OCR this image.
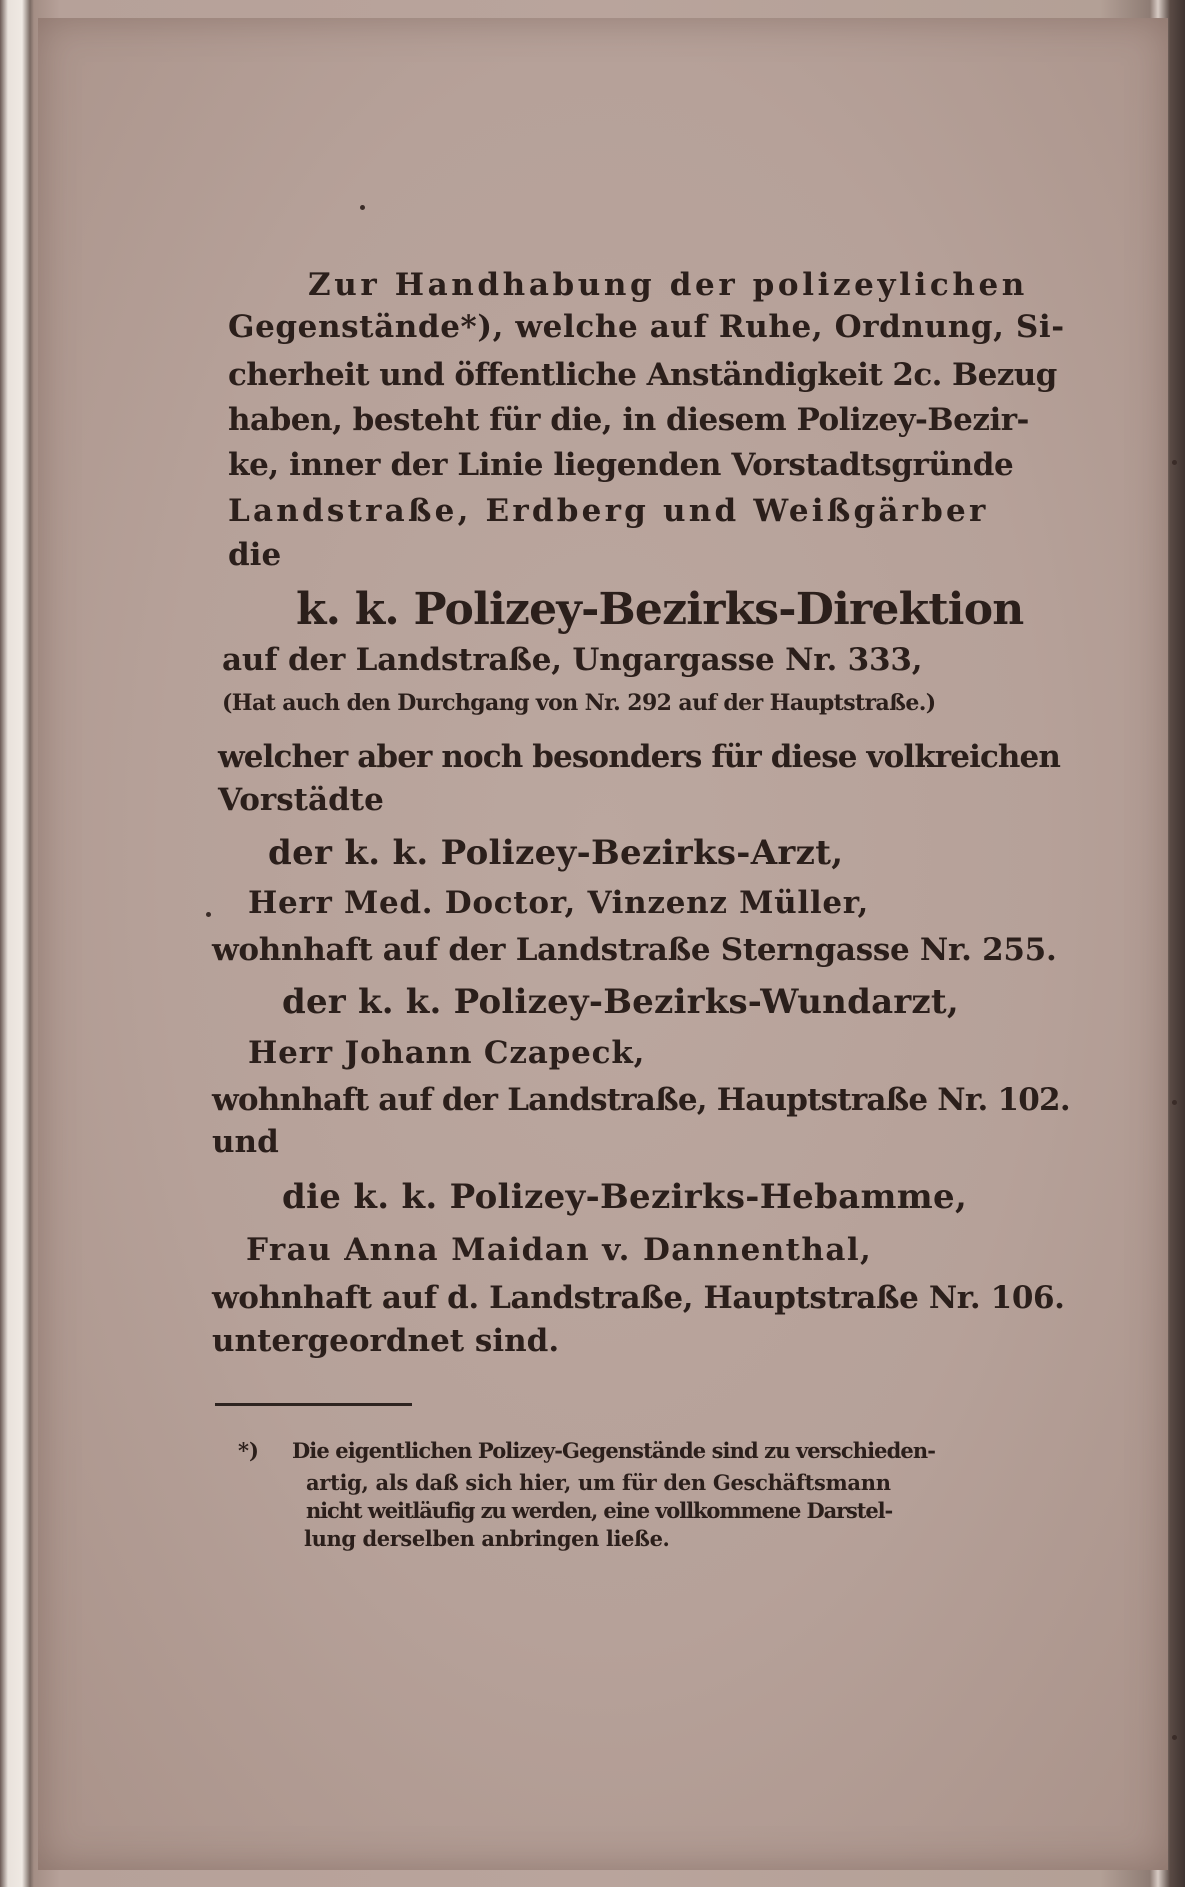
Zur Handhabung der polizeylichen
Gegenstände*), welche auf Ruhe, Ordnung, Si-
cherheit und öffentliche Anständigkeit 2c. Bezug
haben, besteht für die, in diesem Polizey-Bezir-
ke, inner der Linie liegenden Vorstadtsgründe
Landstraße, Erdberg und Weißgärber
die
k. k. Polizey-Bezirks-Direktion
auf der Landstraße, Ungargasse Nr. 333,
(Hat auch den Durchgang von Nr. 292 auf der Hauptstraße.)
welcher aber noch besonders für diese volkreichen
Vorstädte
der k. k. Polizey-Bezirks-Arzt,
Herr Med. Doctor, Vinzenz Müller,
wohnhaft auf der Landstraße Sterngasse Nr. 255.
der k. k. Polizey-Bezirks-Wundarzt,
Herr Johann Czapeck,
wohnhaft auf der Landstraße, Hauptstraße Nr. 102.
und
die k. k. Polizey-Bezirks-Hebamme,
Frau Anna Maidan v. Dannenthal,
wohnhaft auf d. Landstraße, Hauptstraße Nr. 106.
untergeordnet sind.
*) Die eigentlichen Polizey-Gegenstände sind zu verschieden-
artig, als daß sich hier, um für den Geschäftsmann
nicht weitläufig zu werden, eine vollkommene Darstel-
lung derselben anbringen ließe.
